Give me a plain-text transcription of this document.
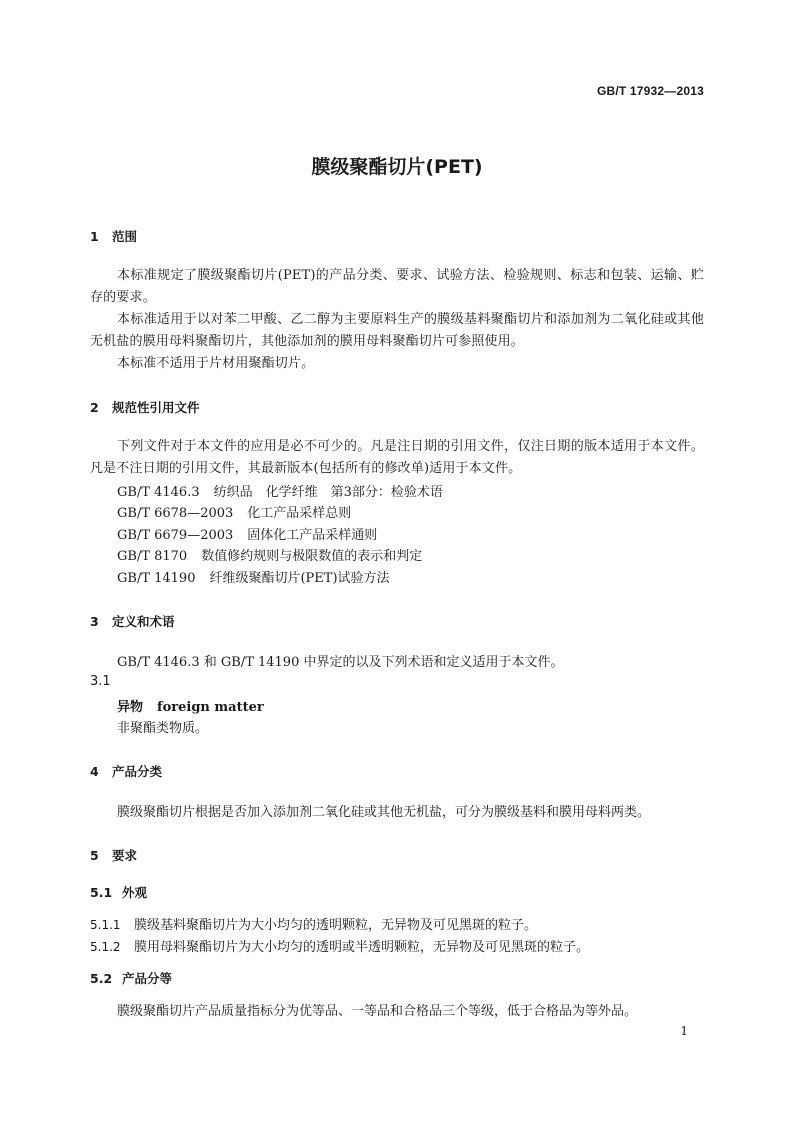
GB/T 17932—2013
膜级聚酯切片(PET)
1 范围

本标准规定了膜级聚酯切片(PET)的产品分类、要求、试验方法、检验规则、标志和包装、运输、贮存的要求。

本标准适用于以对苯二甲酸、乙二醇为主要原料生产的膜级基料聚酯切片和添加剂为二氧化硅或其他无机盐的膜用母料聚酯切片，其他添加剂的膜用母料聚酯切片可参照使用。

本标准不适用于片材用聚酯切片。

2 规范性引用文件

下列文件对于本文件的应用是必不可少的。凡是注日期的引用文件，仅注日期的版本适用于本文件。凡是不注日期的引用文件，其最新版本(包括所有的修改单)适用于本文件。

GB/T 4146.3 纺织品　化学纤维　第3部分：检验术语
GB/T 6678—2003 化工产品采样总则
GB/T 6679—2003 固体化工产品采样通则
GB/T 8170 数值修约规则与极限数值的表示和判定
GB/T 14190 纤维级聚酯切片(PET)试验方法
3 定义和术语
GB/T 4146.3 和 GB/T 14190 中界定的以及下列术语和定义适用于本文件。
3.1
异物 foreign matter
非聚酯类物质。
4 产品分类
膜级聚酯切片根据是否加入添加剂二氧化硅或其他无机盐，可分为膜级基料和膜用母料两类。
5 要求
5.1 外观
5.1.1 膜级基料聚酯切片为大小均匀的透明颗粒，无异物及可见黑斑的粒子。
5.1.2 膜用母料聚酯切片为大小均匀的透明或半透明颗粒，无异物及可见黑斑的粒子。
5.2 产品分等
膜级聚酯切片产品质量指标分为优等品、一等品和合格品三个等级，低于合格品为等外品。
1
